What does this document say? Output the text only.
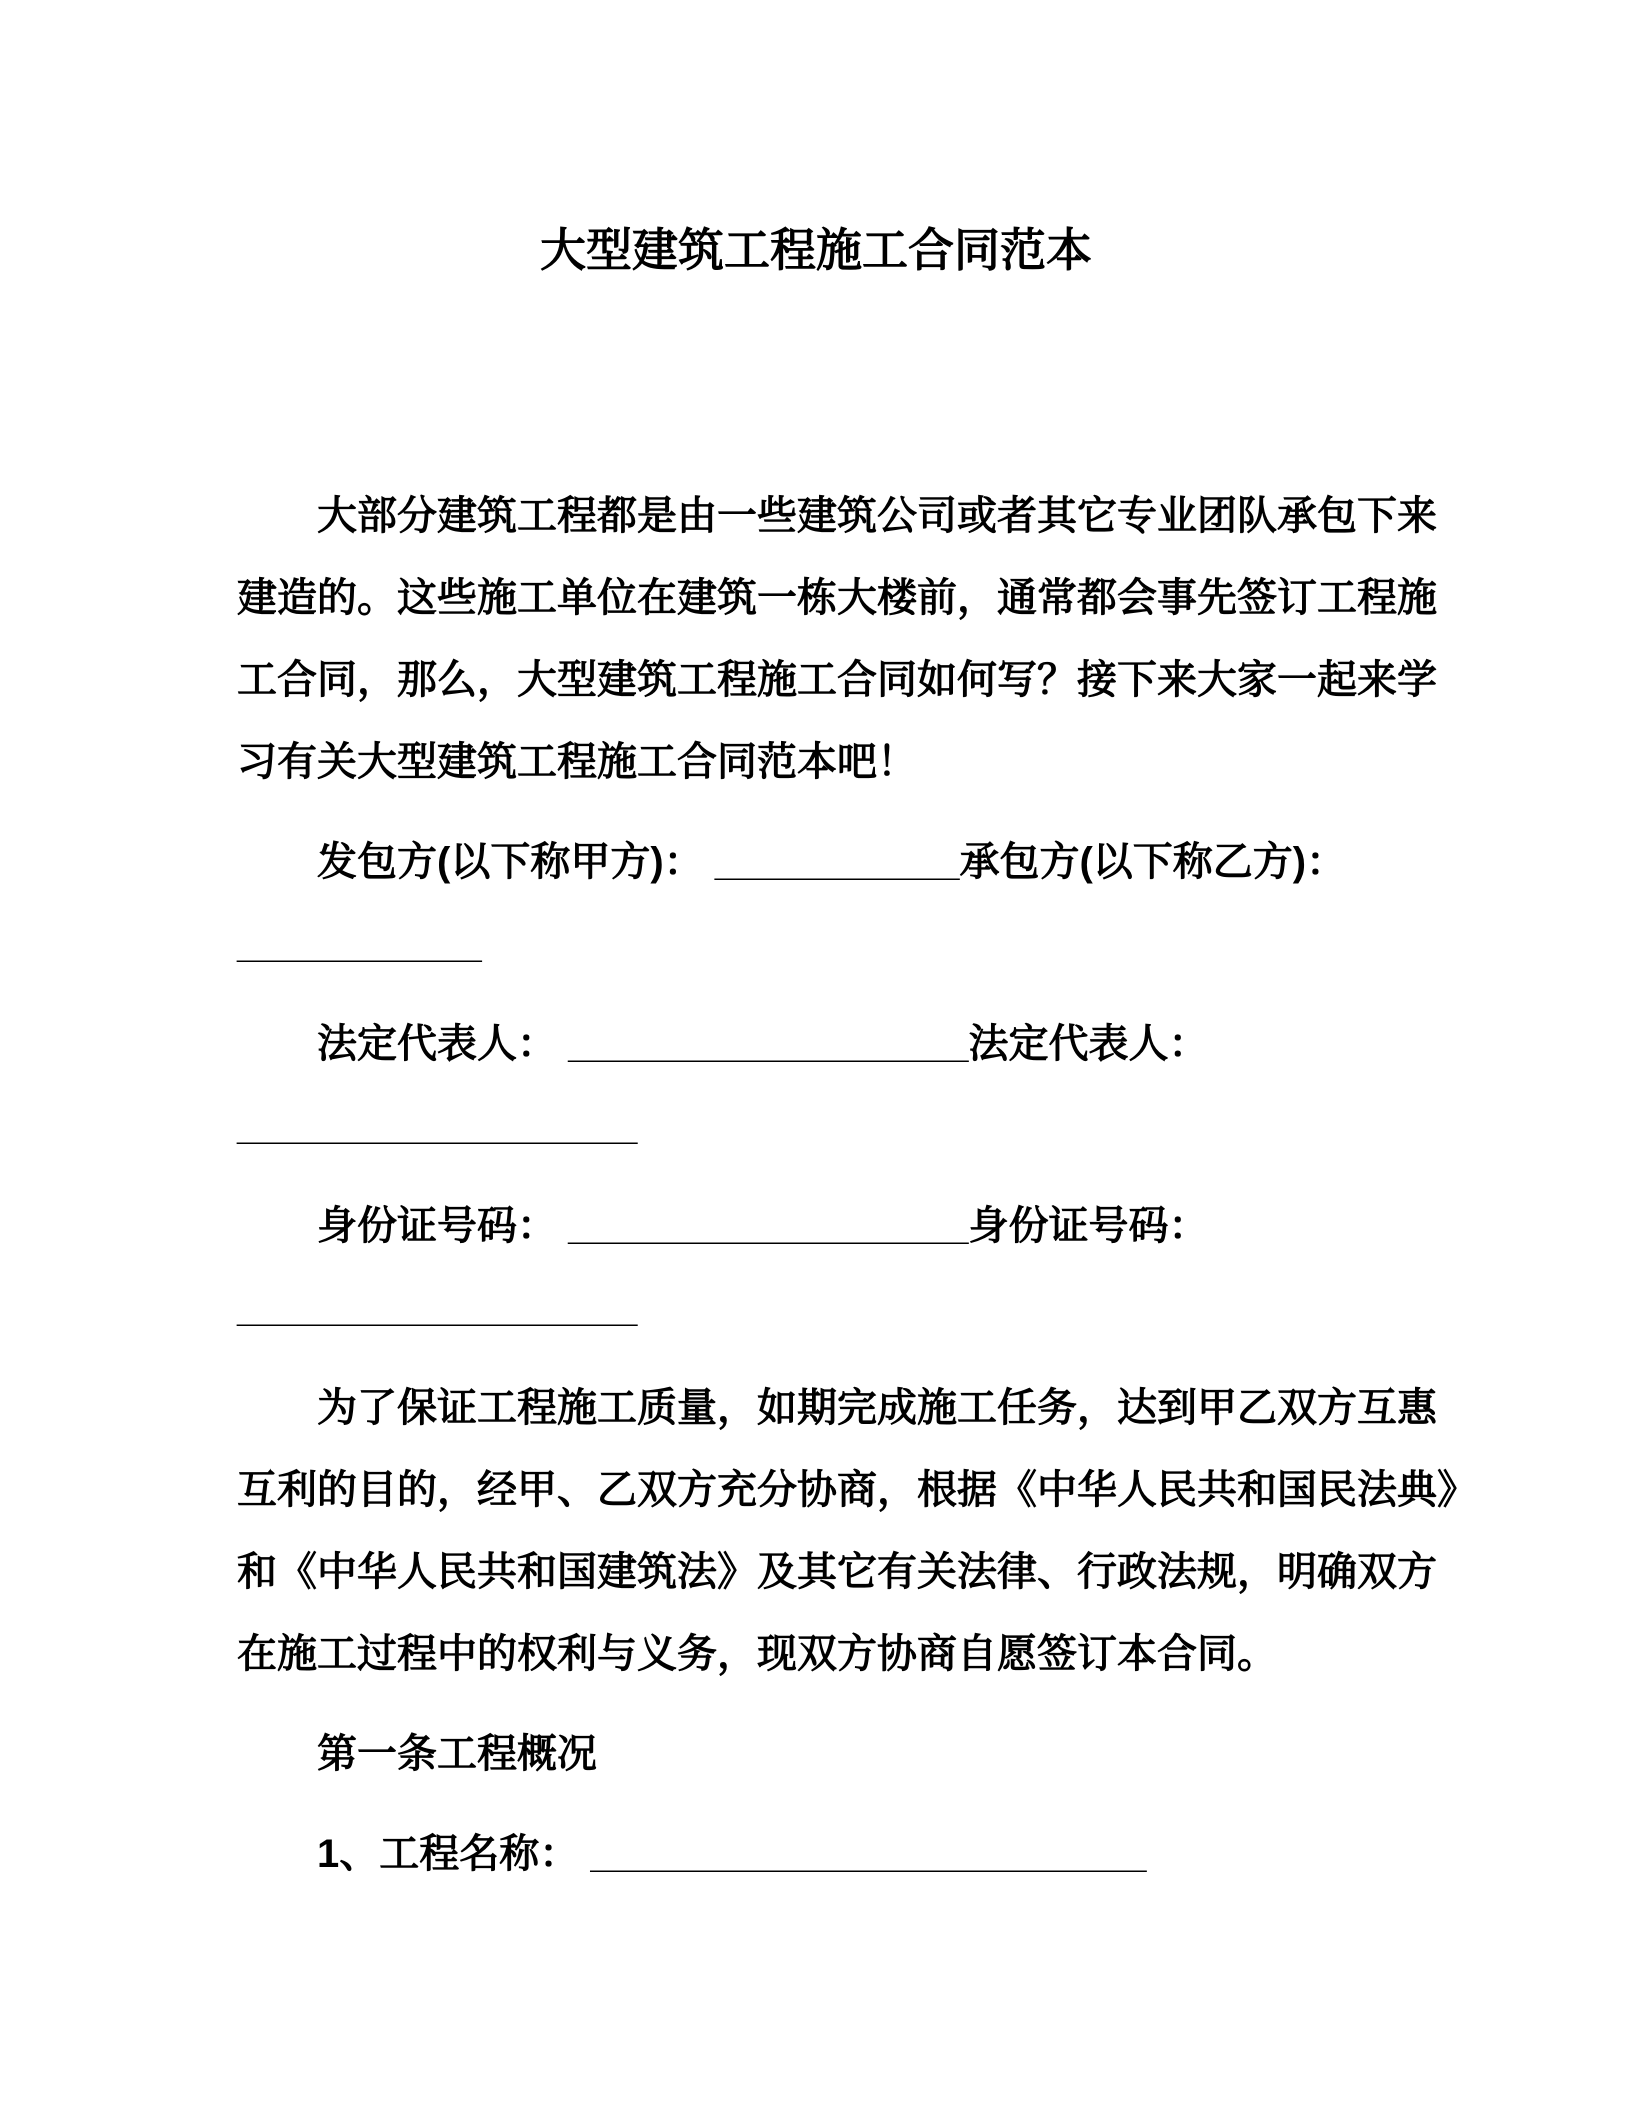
大型建筑工程施工合同范本
大部分建筑工程都是由一些建筑公司或者其它专业团队承包下来
建造的。这些施工单位在建筑一栋大楼前，通常都会事先签订工程施
工合同，那么，大型建筑工程施工合同如何写？接下来大家一起来学
习有关大型建筑工程施工合同范本吧！
发包方(以下称甲方)： ___________承包方(以下称乙方)：
___________
法定代表人： __________________法定代表人：
__________________
身份证号码： __________________身份证号码：
__________________
为了保证工程施工质量，如期完成施工任务，达到甲乙双方互惠
互利的目的，经甲、乙双方充分协商，根据《中华人民共和国民法典》
和《中华人民共和国建筑法》及其它有关法律、行政法规，明确双方
在施工过程中的权利与义务，现双方协商自愿签订本合同。
第一条工程概况
1、工程名称： _________________________
